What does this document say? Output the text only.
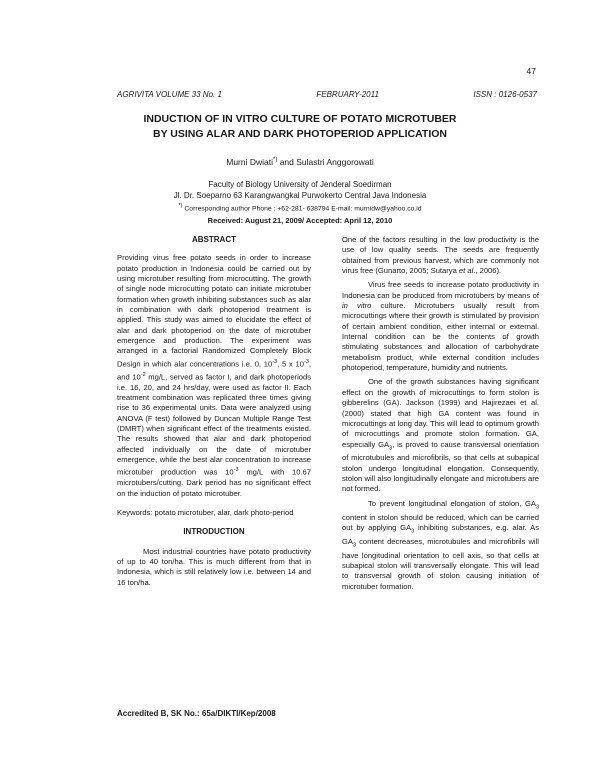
47
AGRIVITA VOLUME 33 No. 1	FEBRUARY-2011	ISSN : 0126-0537
INDUCTION OF IN VITRO CULTURE OF POTATO MICROTUBER
BY USING ALAR AND DARK PHOTOPERIOD APPLICATION
Murni Dwiati*) and Sulastri Anggorowati
Faculty of Biology University of Jenderal Soedirman
Jl. Dr. Soeparno 63 Karangwangkal Purwokerto Central Java Indonesia
*) Corresponding author Phone : +62-281- 638794 E-mail: murnidw@yahoo.co.id
Received: August 21, 2009/ Accepted: April 12, 2010
ABSTRACT

Providing virus free potato seeds in order to increase potato production in Indonesia could be carried out by using microtuber resulting from microcutting. The growth of single node microcutting potato can initiate microtuber formation when growth inhibiting substances such as alar in combination with dark photoperiod treatment is applied. This study was aimed to elucidate the effect of alar and dark photoperiod on the date of microtuber emergence and production. The experiment was arranged in a factorial Randomized Completely Block Design in which alar concentrations i.e. 0, $10^{-3}$, 5 x $10^{-3}$, and $10^{-2}$ mg/L, served as factor I, and dark photoperiods i.e. 16, 20, and 24 hrs/day, were used as factor II. Each treatment combination was replicated three times giving rise to 36 experimental units. Data were analyzed using ANOVA (F test) followed by Duncan Multiple Range Test (DMRT) when significant effect of the treatments existed. The results showed that alar and dark photoperiod affected individually on the date of microtuber emergence, while the best alar concentration to increase microtuber production was $10^{-3}$ mg/L with 10.67 microtubers/cutting. Dark period has no significant effect on the induction of potato microtuber.

Keywords: potato microtuber, alar, dark photo-period

INTRODUCTION

Most industrial countries have potato productivity of up to 40 ton/ha. This is much different from that in Indonesia, which is still relatively low i.e. between 14 and 16 ton/ha.

Accredited B, SK No.: 65a/DIKTI/Kep/2008

One of the factors resulting in the low productivity is the use of low quality seeds. The seeds are frequently obtained from previous harvest, which are commonly not virus free (Gunarto, 2005; Sutarya et al., 2006).

Virus free seeds to increase potato productivity in Indonesia can be produced from microtubers by means of in vitro culture. Microtubers usually result from microcuttings where their growth is stimulated by provision of certain ambient condition, either internal or external. Internal condition can be the contents of growth stimulating substances and allocation of carbohydrate metabolism product, while external condition includes photoperiod, temperature, humidity and nutrients.

One of the growth substances having significant effect on the growth of microcuttings to form stolon is gibberelins (GA). Jackson (1999) and Hajirezaei et al. (2000) stated that high GA content was found in microcuttings at long day. This will lead to optimum growth of microcuttings and promote stolon formation. GA, especially $GA_3$, is proved to cause transversal orientation of microtubules and microfibrils, so that cells at subapical stolon undergo longitudinal elongation. Consequently, stolon will also longitudinally elongate and microtubers are not formed.

To prevent longitudinal elongation of stolon, $GA_3$ content in stolon should be reduced, which can be carried out by applying $GA_3$ inhibiting substances, e.g. alar. As $GA_3$ content decreases, microtubules and microfibrils will have longitudinal orientation to cell axis, so that cells at subapical stolon will transversally elongate. This will lead to transversal growth of stolon causing initiation of microtuber formation.
